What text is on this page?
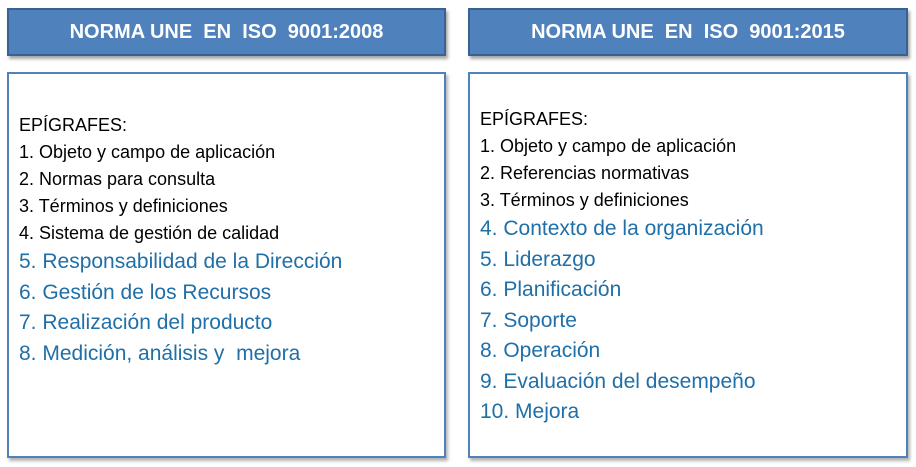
NORMA UNE  EN  ISO  9001:2008	NORMA UNE  EN  ISO  9001:2015
EPÍGRAFES:
1. Objeto y campo de aplicación
2. Normas para consulta
3. Términos y definiciones
4. Sistema de gestión de calidad
5. Responsabilidad de la Dirección
6. Gestión de los Recursos
7. Realización del producto
8. Medición, análisis y  mejora
EPÍGRAFES:
1. Objeto y campo de aplicación
2. Referencias normativas
3. Términos y definiciones
4. Contexto de la organización
5. Liderazgo
6. Planificación
7. Soporte
8. Operación
9. Evaluación del desempeño
10. Mejora
